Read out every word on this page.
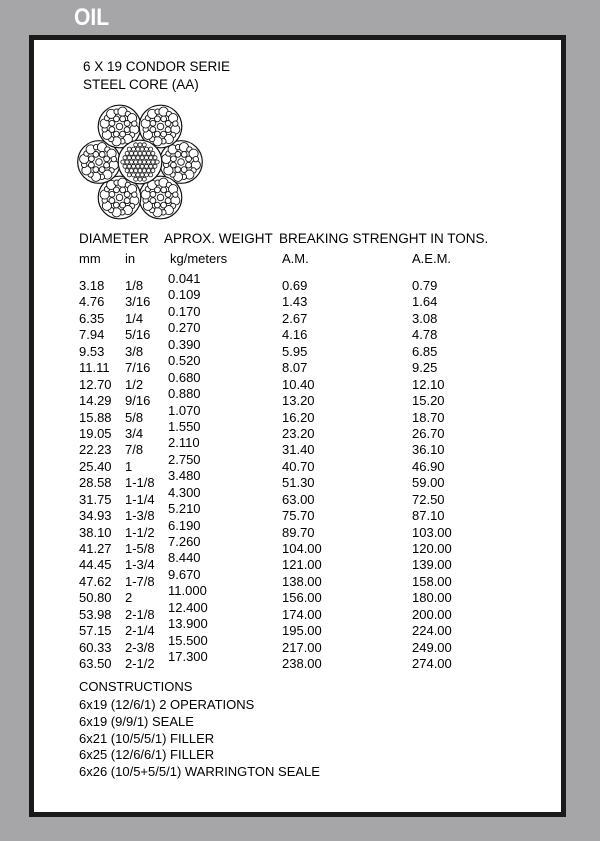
OIL
6 X 19 CONDOR SERIE
STEEL CORE (AA)
DIAMETER	APROX. WEIGHT BREAKING STRENGHT IN TONS.
mm	in	kg/meters	A.M.	A.E.M.
3.18	1/8	0.041	0.69	0.79
4.76	3/16	0.109	1.43	1.64
6.35	1/4	0.170	2.67	3.08
7.94	5/16	0.270	4.16	4.78
9.53	3/8	0.390	5.95	6.85
11.11	7/16	0.520	8.07	9.25
12.70	1/2	0.680	10.40	12.10
14.29	9/16	0.880	13.20	15.20
15.88	5/8	1.070	16.20	18.70
19.05	3/4	1.550	23.20	26.70
22.23	7/8	2.110	31.40	36.10
25.40	1	2.750	40.70	46.90
28.58	1-1/8	3.480	51.30	59.00
31.75	1-1/4	4.300	63.00	72.50
34.93	1-3/8	5.210	75.70	87.10
38.10	1-1/2	6.190	89.70	103.00
41.27	1-5/8	7.260	104.00	120.00
44.45	1-3/4	8.440	121.00	139.00
47.62	1-7/8	9.670	138.00	158.00
50.80	2	11.000	156.00	180.00
53.98	2-1/8	12.400	174.00	200.00
57.15	2-1/4	13.900	195.00	224.00
60.33	2-3/8	15.500	217.00	249.00
63.50	2-1/2	17.300	238.00	274.00
CONSTRUCTIONS
6x19 (12/6/1) 2 OPERATIONS
6x19 (9/9/1) SEALE
6x21 (10/5/5/1) FILLER
6x25 (12/6/6/1) FILLER
6x26 (10/5+5/5/1) WARRINGTON SEALE
